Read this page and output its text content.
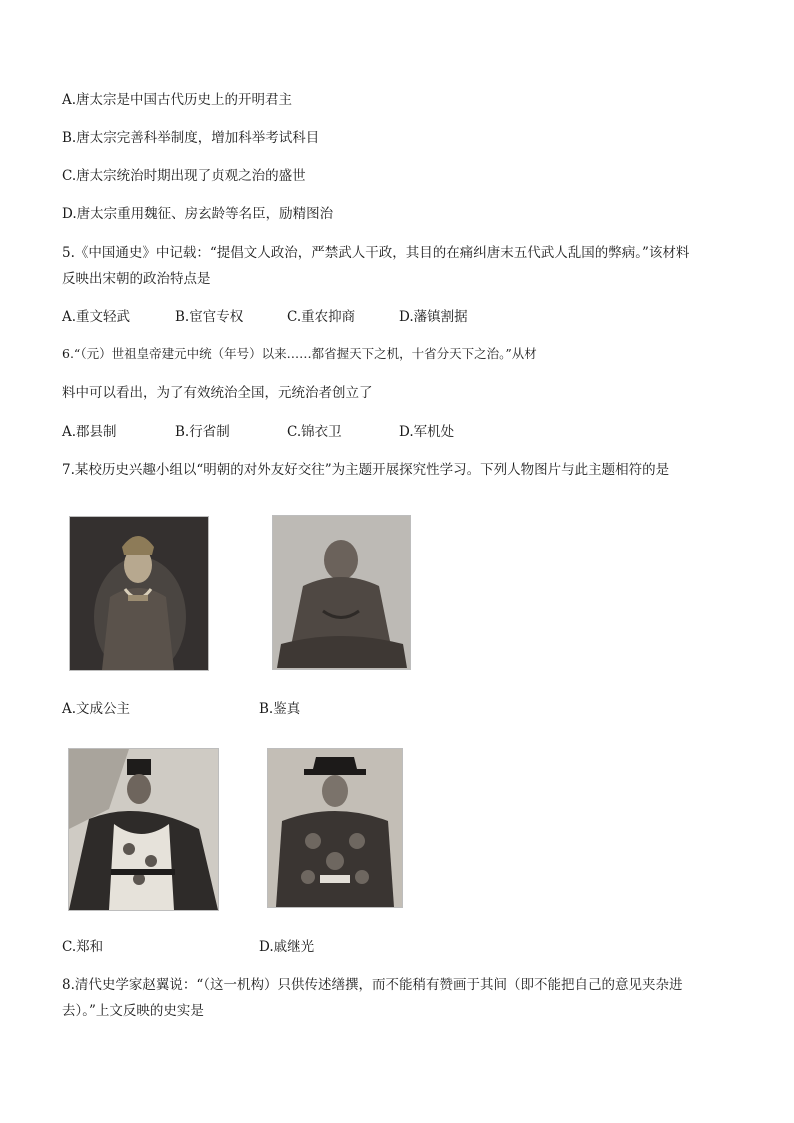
A.唐太宗是中国古代历史上的开明君主
B.唐太宗完善科举制度，增加科举考试科目
C.唐太宗统治时期出现了贞观之治的盛世
D.唐太宗重用魏征、房玄龄等名臣，励精图治
5.《中国通史》中记载：“提倡文人政治，严禁武人干政，其目的在痛纠唐末五代武人乱国的弊病。”该材料
反映出宋朝的政治特点是
A.重文轻武	B.宦官专权	C.重农抑商	D.藩镇割据
6.“（元）世祖皇帝建元中统（年号）以来……都省握天下之机，十省分天下之治。”从材
料中可以看出，为了有效统治全国，元统治者创立了
A.郡县制	B.行省制	C.锦衣卫	D.军机处
7.某校历史兴趣小组以“明朝的对外友好交往”为主题开展探究性学习。下列人物图片与此主题相符的是
A.文成公主	B.鉴真
C.郑和	D.戚继光
8.清代史学家赵翼说：“（这一机构）只供传述缮撰，而不能稍有赞画于其间（即不能把自己的意见夹杂进
去）。”上文反映的史实是
